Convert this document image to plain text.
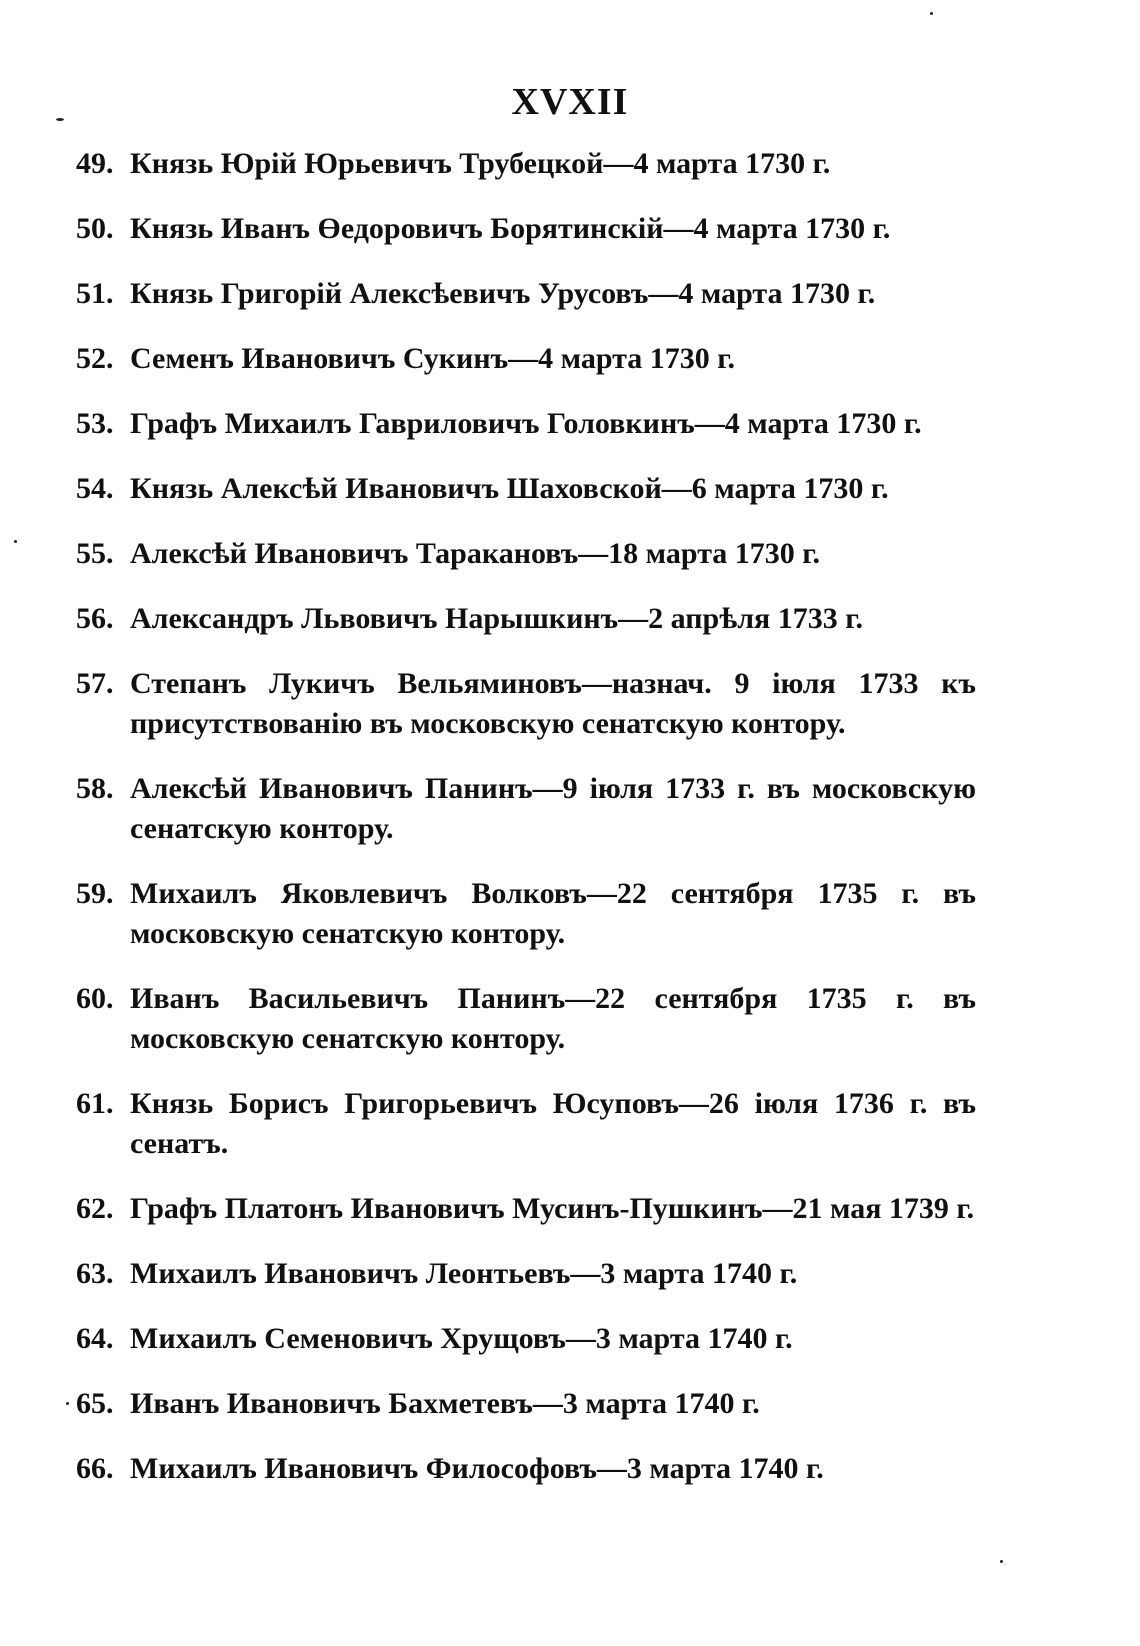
XVXII
49. Князь Юрiй Юрьевичъ Трубецкой—4 марта 1730 г.
50. Князь Иванъ Өедоровичъ Борятинскiй—4 марта 1730 г.
51. Князь Григорiй Алексѣевичъ Урусовъ—4 марта 1730 г.
52. Семенъ Ивановичъ Сукинъ—4 марта 1730 г.
53. Графъ Михаилъ Гавриловичъ Головкинъ—4 марта 1730 г.
54. Князь Алексѣй Ивановичъ Шаховской—6 марта 1730 г.
55. Алексѣй Ивановичъ Таракановъ—18 марта 1730 г.
56. Александръ Львовичъ Нарышкинъ—2 апрѣля 1733 г.
57. Степанъ Лукичъ Вельяминовъ—назнач. 9 iюля 1733 къ присутствованiю въ московскую сенатскую контору.
58. Алексѣй Ивановичъ Панинъ—9 iюля 1733 г. въ московскую сенатскую контору.
59. Михаилъ Яковлевичъ Волковъ—22 сентября 1735 г. въ московскую сенатскую контору.
60. Иванъ Васильевичъ Панинъ—22 сентября 1735 г. въ московскую сенатскую контору.
61. Князь Борисъ Григорьевичъ Юсуповъ—26 iюля 1736 г. въ сенатъ.
62. Графъ Платонъ Ивановичъ Мусинъ-Пушкинъ—21 мая 1739 г.
63. Михаилъ Ивановичъ Леонтьевъ—3 марта 1740 г.
64. Михаилъ Семеновичъ Хрущовъ—3 марта 1740 г.
65. Иванъ Ивановичъ Бахметевъ—3 марта 1740 г.
66. Михаилъ Ивановичъ Философовъ—3 марта 1740 г.
